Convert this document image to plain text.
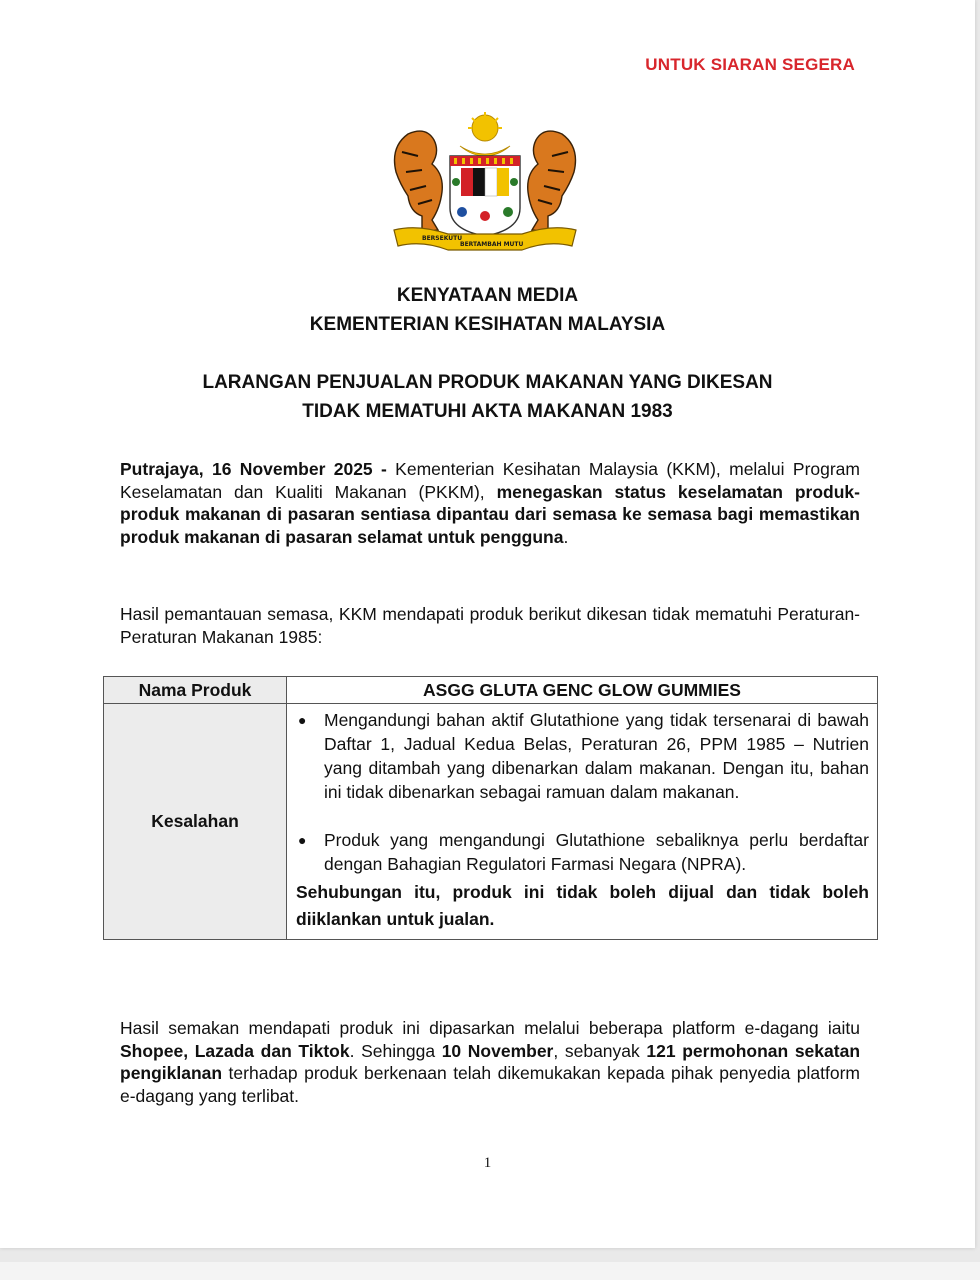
UNTUK SIARAN SEGERA
BERSEKUTU
BERTAMBAH MUTU
KENYATAAN MEDIA
KEMENTERIAN KESIHATAN MALAYSIA
LARANGAN PENJUALAN PRODUK MAKANAN YANG DIKESAN
TIDAK MEMATUHI AKTA MAKANAN 1983
Putrajaya, 16 November 2025 - Kementerian Kesihatan Malaysia (KKM), melalui Program Keselamatan dan Kualiti Makanan (PKKM), menegaskan status keselamatan produk-produk makanan di pasaran sentiasa dipantau dari semasa ke semasa bagi memastikan produk makanan di pasaran selamat untuk pengguna.
Hasil pemantauan semasa, KKM mendapati produk berikut dikesan tidak mematuhi Peraturan-Peraturan Makanan 1985:
Nama Produk	ASGG GLUTA GENC GLOW GUMMIES
Kesalahan	● Mengandungi bahan aktif Glutathione yang tidak tersenarai di bawah Daftar 1, Jadual Kedua Belas, Peraturan 26, PPM 1985 – Nutrien yang ditambah yang dibenarkan dalam makanan. Dengan itu, bahan ini tidak dibenarkan sebagai ramuan dalam makanan.
● Produk yang mengandungi Glutathione sebaliknya perlu berdaftar dengan Bahagian Regulatori Farmasi Negara (NPRA).
Sehubungan itu, produk ini tidak boleh dijual dan tidak boleh diiklankan untuk jualan.
Hasil semakan mendapati produk ini dipasarkan melalui beberapa platform e-dagang iaitu Shopee, Lazada dan Tiktok. Sehingga 10 November, sebanyak 121 permohonan sekatan pengiklanan terhadap produk berkenaan telah dikemukakan kepada pihak penyedia platform e-dagang yang terlibat.
1
